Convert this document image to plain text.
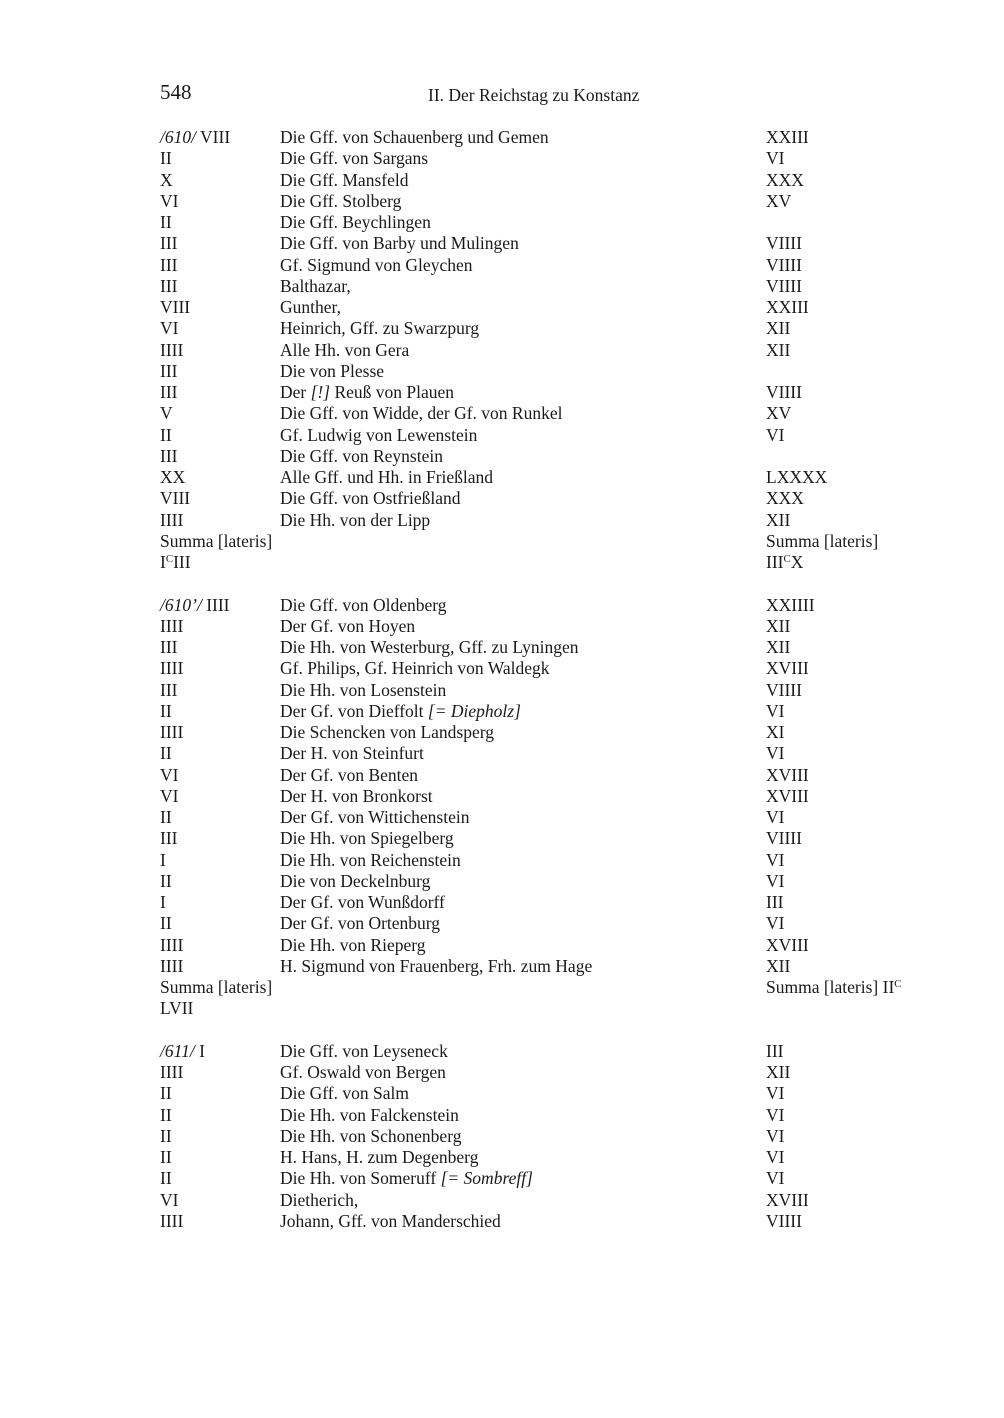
548	II. Der Reichstag zu Konstanz
/610/ VIII	Die Gff. von Schauenberg und Gemen	XXIII
II	Die Gff. von Sargans	VI
X	Die Gff. Mansfeld	XXX
VI	Die Gff. Stolberg	XV
II	Die Gff. Beychlingen
III	Die Gff. von Barby und Mulingen	VIIII
III	Gf. Sigmund von Gleychen	VIIII
III	Balthazar,	VIIII
VIII	Gunther,	XXIII
VI	Heinrich, Gff. zu Swarzpurg	XII
IIII	Alle Hh. von Gera	XII
III	Die von Plesse
III	Der [!] Reuß von Plauen	VIIII
V	Die Gff. von Widde, der Gf. von Runkel	XV
II	Gf. Ludwig von Lewenstein	VI
III	Die Gff. von Reynstein
XX	Alle Gff. und Hh. in Frießland	LXXXX
VIII	Die Gff. von Ostfrießland	XXX
IIII	Die Hh. von der Lipp	XII
Summa [lateris]	Summa [lateris]
$I^CIII$	$III^CX$
/610’/ IIII	Die Gff. von Oldenberg	XXIIII
IIII	Der Gf. von Hoyen	XII
III	Die Hh. von Westerburg, Gff. zu Lyningen	XII
IIII	Gf. Philips, Gf. Heinrich von Waldegk	XVIII
III	Die Hh. von Losenstein	VIIII
II	Der Gf. von Dieffolt [= Diepholz]	VI
IIII	Die Schencken von Landsperg	XI
II	Der H. von Steinfurt	VI
VI	Der Gf. von Benten	XVIII
VI	Der H. von Bronkorst	XVIII
II	Der Gf. von Wittichenstein	VI
III	Die Hh. von Spiegelberg	VIIII
I	Die Hh. von Reichenstein	VI
II	Die von Deckelnburg	VI
I	Der Gf. von Wunßdorff	III
II	Der Gf. von Ortenburg	VI
IIII	Die Hh. von Rieperg	XVIII
IIII	H. Sigmund von Frauenberg, Frh. zum Hage	XII
Summa [lateris]	Summa [lateris] $II^C$
LVII
/611/ I	Die Gff. von Leyseneck	III
IIII	Gf. Oswald von Bergen	XII
II	Die Gff. von Salm	VI
II	Die Hh. von Falckenstein	VI
II	Die Hh. von Schonenberg	VI
II	H. Hans, H. zum Degenberg	VI
II	Die Hh. von Someruff [= Sombreff]	VI
VI	Dietherich,	XVIII
IIII	Johann, Gff. von Manderschied	VIIII
